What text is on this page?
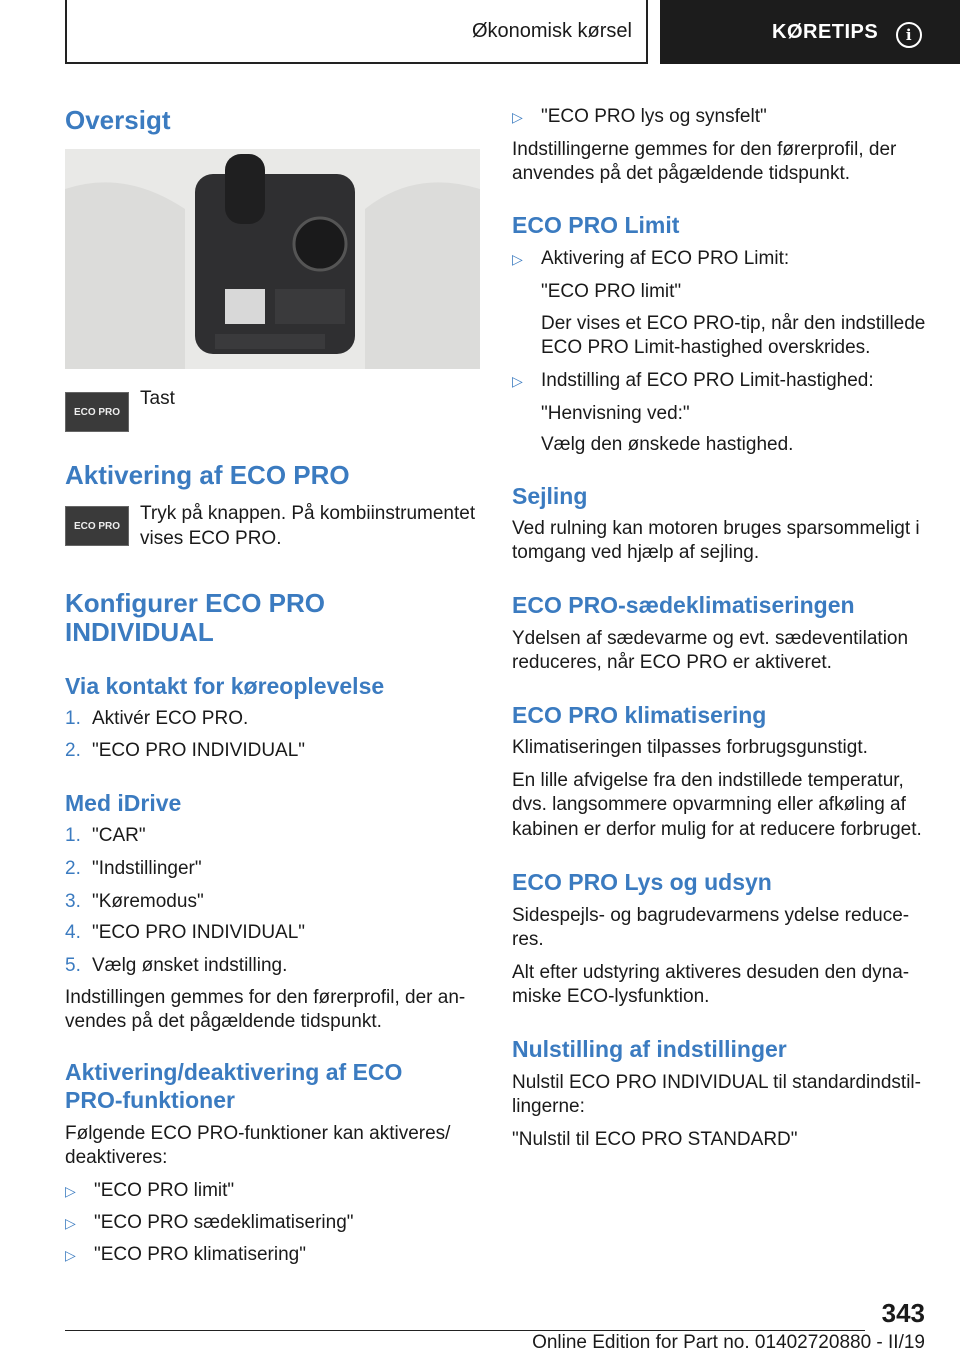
Økonomisk kørsel	KØRETIPS	i
Oversigt
ECO PRO

Tast

Aktivering af ECO PRO
ECO PRO

Tryk på knappen. På kombiinstrumentet vises ECO PRO.

Konfigurer ECO PRO
INDIVIDUAL
Via kontakt for køreoplevelse

1. Aktivér ECO PRO.

2. "ECO PRO INDIVIDUAL"

Med iDrive

1. "CAR"

2. "Indstillinger"

3. "Køremodus"

4. "ECO PRO INDIVIDUAL"

5. Vælg ønsket indstilling.

Indstillingen gemmes for den førerprofil, der an-

vendes på det pågældende tidspunkt.

Aktivering/deaktivering af ECO
PRO-funktioner

Følgende ECO PRO-funktioner kan aktiveres/

deaktiveres:

▷ "ECO PRO limit"

▷ "ECO PRO sædeklimatisering"

▷ "ECO PRO klimatisering"

▷ "ECO PRO lys og synsfelt"

Indstillingerne gemmes for den førerprofil, der

anvendes på det pågældende tidspunkt.

ECO PRO Limit

▷ Aktivering af ECO PRO Limit:

"ECO PRO limit"

Der vises et ECO PRO-tip, når den indstillede

ECO PRO Limit-hastighed overskrides.

▷ Indstilling af ECO PRO Limit-hastighed:

"Henvisning ved:"

Vælg den ønskede hastighed.

Sejling

Ved rulning kan motoren bruges sparsommeligt i

tomgang ved hjælp af sejling.

ECO PRO-sædeklimatiseringen

Ydelsen af sædevarme og evt. sædeventilation

reduceres, når ECO PRO er aktiveret.

ECO PRO klimatisering

Klimatiseringen tilpasses forbrugsgunstigt.

En lille afvigelse fra den indstillede temperatur,

dvs. langsommere opvarmning eller afkøling af

kabinen er derfor mulig for at reducere forbruget.

ECO PRO Lys og udsyn

Sidespejls- og bagrudevarmens ydelse reduce-

res.

Alt efter udstyring aktiveres desuden den dyna-

miske ECO-lysfunktion.

Nulstilling af indstillinger

Nulstil ECO PRO INDIVIDUAL til standardindstil-

lingerne:

"Nulstil til ECO PRO STANDARD"

343
Online Edition for Part no. 01402720880 - II/19
